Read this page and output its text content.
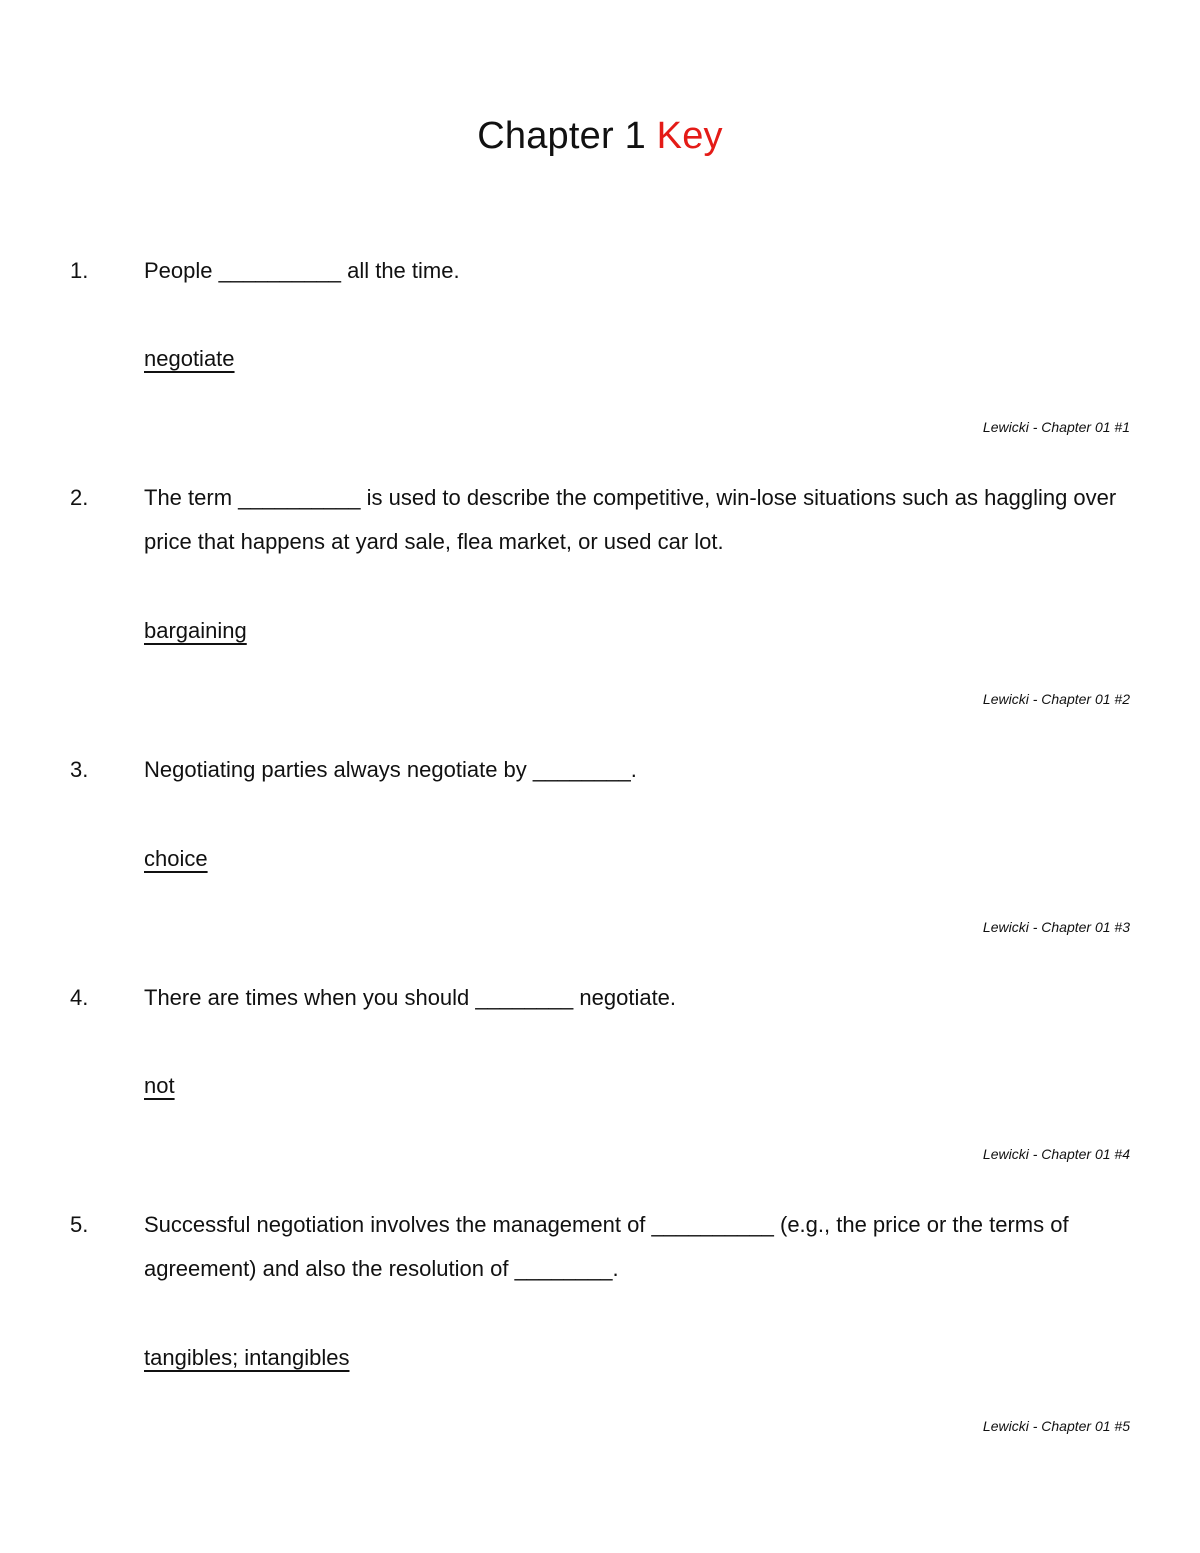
Chapter 1 Key
1.	People __________ all the time.
negotiate
Lewicki - Chapter 01 #1
2.	The term __________ is used to describe the competitive, win-lose situations such as haggling over price that happens at yard sale, flea market, or used car lot.
bargaining
Lewicki - Chapter 01 #2
3.	Negotiating parties always negotiate by ________.
choice
Lewicki - Chapter 01 #3
4.	There are times when you should ________ negotiate.
not
Lewicki - Chapter 01 #4
5.	Successful negotiation involves the management of __________ (e.g., the price or the terms of agreement) and also the resolution of ________.
tangibles; intangibles
Lewicki - Chapter 01 #5
